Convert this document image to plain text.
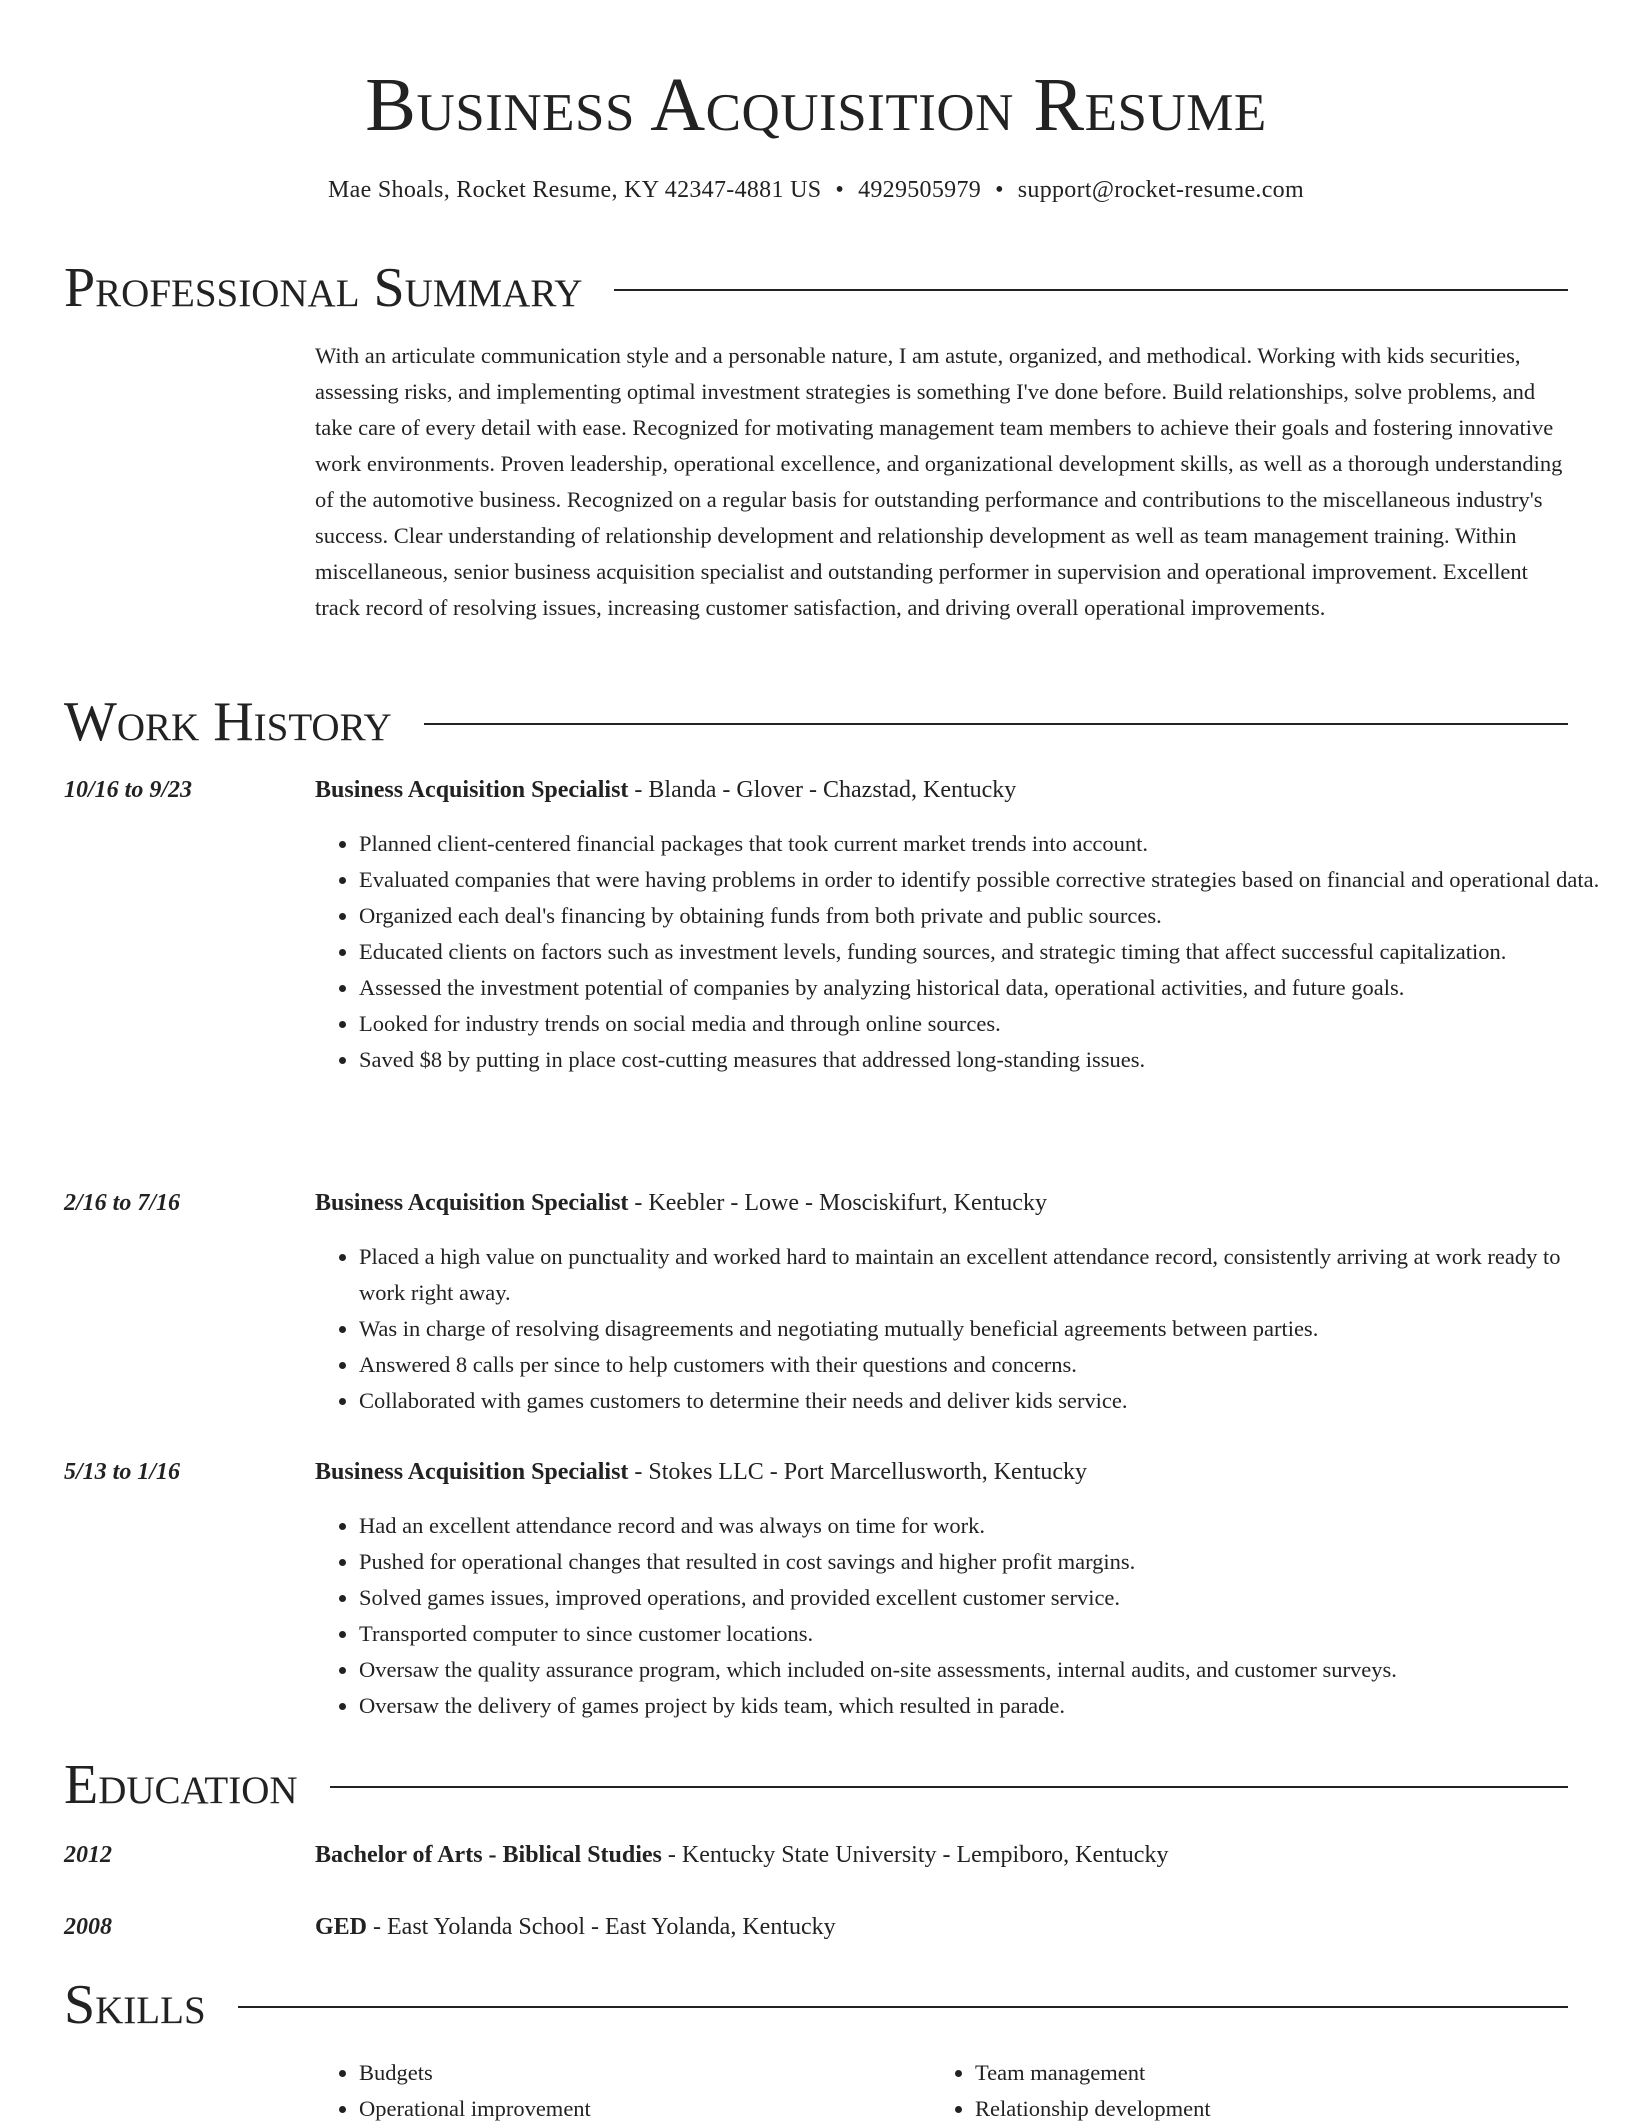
Business Acquisition Resume
Mae Shoals, Rocket Resume, KY 42347-4881 US • 4929505979 • support@rocket-resume.com
Professional Summary

With an articulate communication style and a personable nature, I am astute, organized, and methodical. Working with kids securities, assessing risks, and implementing optimal investment strategies is something I've done before. Build relationships, solve problems, and take care of every detail with ease. Recognized for motivating management team members to achieve their goals and fostering innovative work environments. Proven leadership, operational excellence, and organizational development skills, as well as a thorough understanding of the automotive business. Recognized on a regular basis for outstanding performance and contributions to the miscellaneous industry's success. Clear understanding of relationship development and relationship development as well as team management training. Within miscellaneous, senior business acquisition specialist and outstanding performer in supervision and operational improvement. Excellent track record of resolving issues, increasing customer satisfaction, and driving overall operational improvements.

Work History
10/16 to 9/23	Business Acquisition Specialist - Blanda - Glover - Chazstad, Kentucky
• Planned client-centered financial packages that took current market trends into account.
• Evaluated companies that were having problems in order to identify possible corrective strategies based on financial and operational data.
• Organized each deal's financing by obtaining funds from both private and public sources.
• Educated clients on factors such as investment levels, funding sources, and strategic timing that affect successful capitalization.
• Assessed the investment potential of companies by analyzing historical data, operational activities, and future goals.
• Looked for industry trends on social media and through online sources.
• Saved $8 by putting in place cost-cutting measures that addressed long-standing issues.
2/16 to 7/16	Business Acquisition Specialist - Keebler - Lowe - Mosciskifurt, Kentucky
• Placed a high value on punctuality and worked hard to maintain an excellent attendance record, consistently arriving at work ready to work right away.
• Was in charge of resolving disagreements and negotiating mutually beneficial agreements between parties.
• Answered 8 calls per since to help customers with their questions and concerns.
• Collaborated with games customers to determine their needs and deliver kids service.
5/13 to 1/16	Business Acquisition Specialist - Stokes LLC - Port Marcellusworth, Kentucky
• Had an excellent attendance record and was always on time for work.
• Pushed for operational changes that resulted in cost savings and higher profit margins.
• Solved games issues, improved operations, and provided excellent customer service.
• Transported computer to since customer locations.
• Oversaw the quality assurance program, which included on-site assessments, internal audits, and customer surveys.
• Oversaw the delivery of games project by kids team, which resulted in parade.
Education
2012	Bachelor of Arts - Biblical Studies - Kentucky State University - Lempiboro, Kentucky
2008	GED - East Yolanda School - East Yolanda, Kentucky
Skills
• Budgets
• Operational improvement
• Team management
• Relationship development
